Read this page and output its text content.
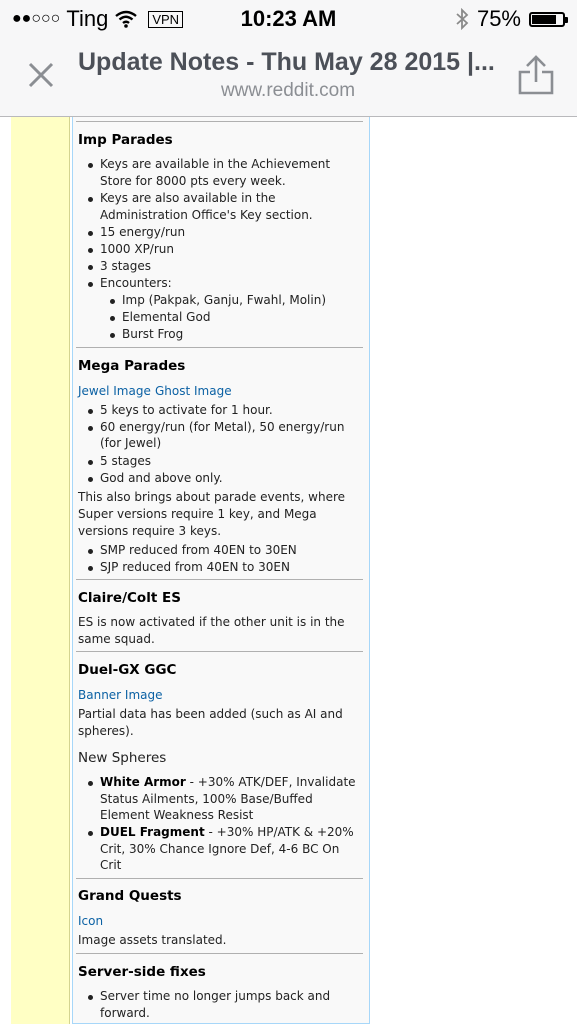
●●○○○ Ting	VPN	10:23 AM	75%
Update Notes - Thu May 28 2015 |...
www.reddit.com
Imp Parades
Keys are available in the Achievement
Store for 8000 pts every week.
Keys are also available in the
Administration Office's Key section.
15 energy/run
1000 XP/run
3 stages
Encounters:
Imp (Pakpak, Ganju, Fwahl, Molin)
Elemental God
Burst Frog
Mega Parades
Jewel Image Ghost Image
5 keys to activate for 1 hour.
60 energy/run (for Metal), 50 energy/run
(for Jewel)
5 stages
God and above only.
This also brings about parade events, where
Super versions require 1 key, and Mega
versions require 3 keys.
SMP reduced from 40EN to 30EN
SJP reduced from 40EN to 30EN
Claire/Colt ES
ES is now activated if the other unit is in the
same squad.
Duel-GX GGC
Banner Image
Partial data has been added (such as AI and
spheres).
New Spheres
White Armor - +30% ATK/DEF, Invalidate
Status Ailments, 100% Base/Buffed
Element Weakness Resist
DUEL Fragment - +30% HP/ATK & +20%
Crit, 30% Chance Ignore Def, 4-6 BC On
Crit
Grand Quests
Icon
Image assets translated.
Server-side fixes
Server time no longer jumps back and
forward.
